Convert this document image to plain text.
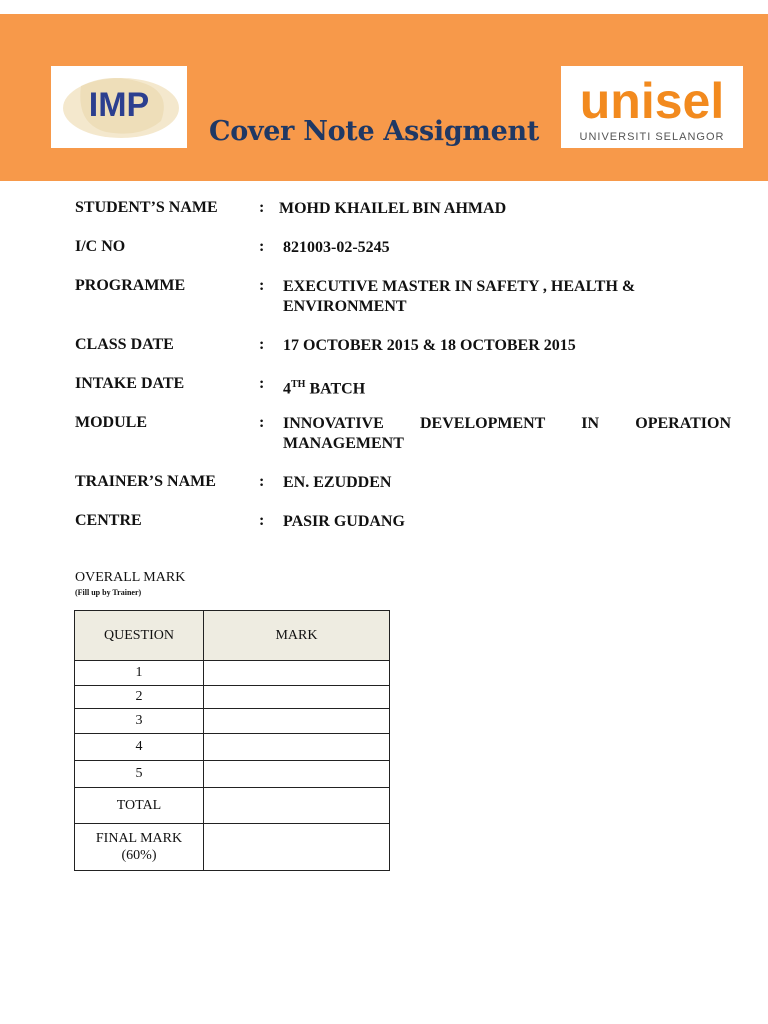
IMP	unisel
UNIVERSITI SELANGOR
Cover Note Assigment
STUDENT’S NAME	: MOHD KHAILEL BIN AHMAD
I/C NO	: 821003-02-5245
PROGRAMME	: EXECUTIVE MASTER IN SAFETY , HEALTH &
ENVIRONMENT
CLASS DATE	: 17 OCTOBER 2015 & 18 OCTOBER 2015
INTAKE DATE	: 4TH BATCH
MODULE	: INNOVATIVE DEVELOPMENT IN OPERATION
MANAGEMENT
TRAINER’S NAME	: EN. EZUDDEN
CENTRE	: PASIR GUDANG
OVERALL MARK
(Fill up by Trainer)
QUESTION	MARK
1	
2	
3	
4	
5	
TOTAL	
FINAL MARK
(60%)	
